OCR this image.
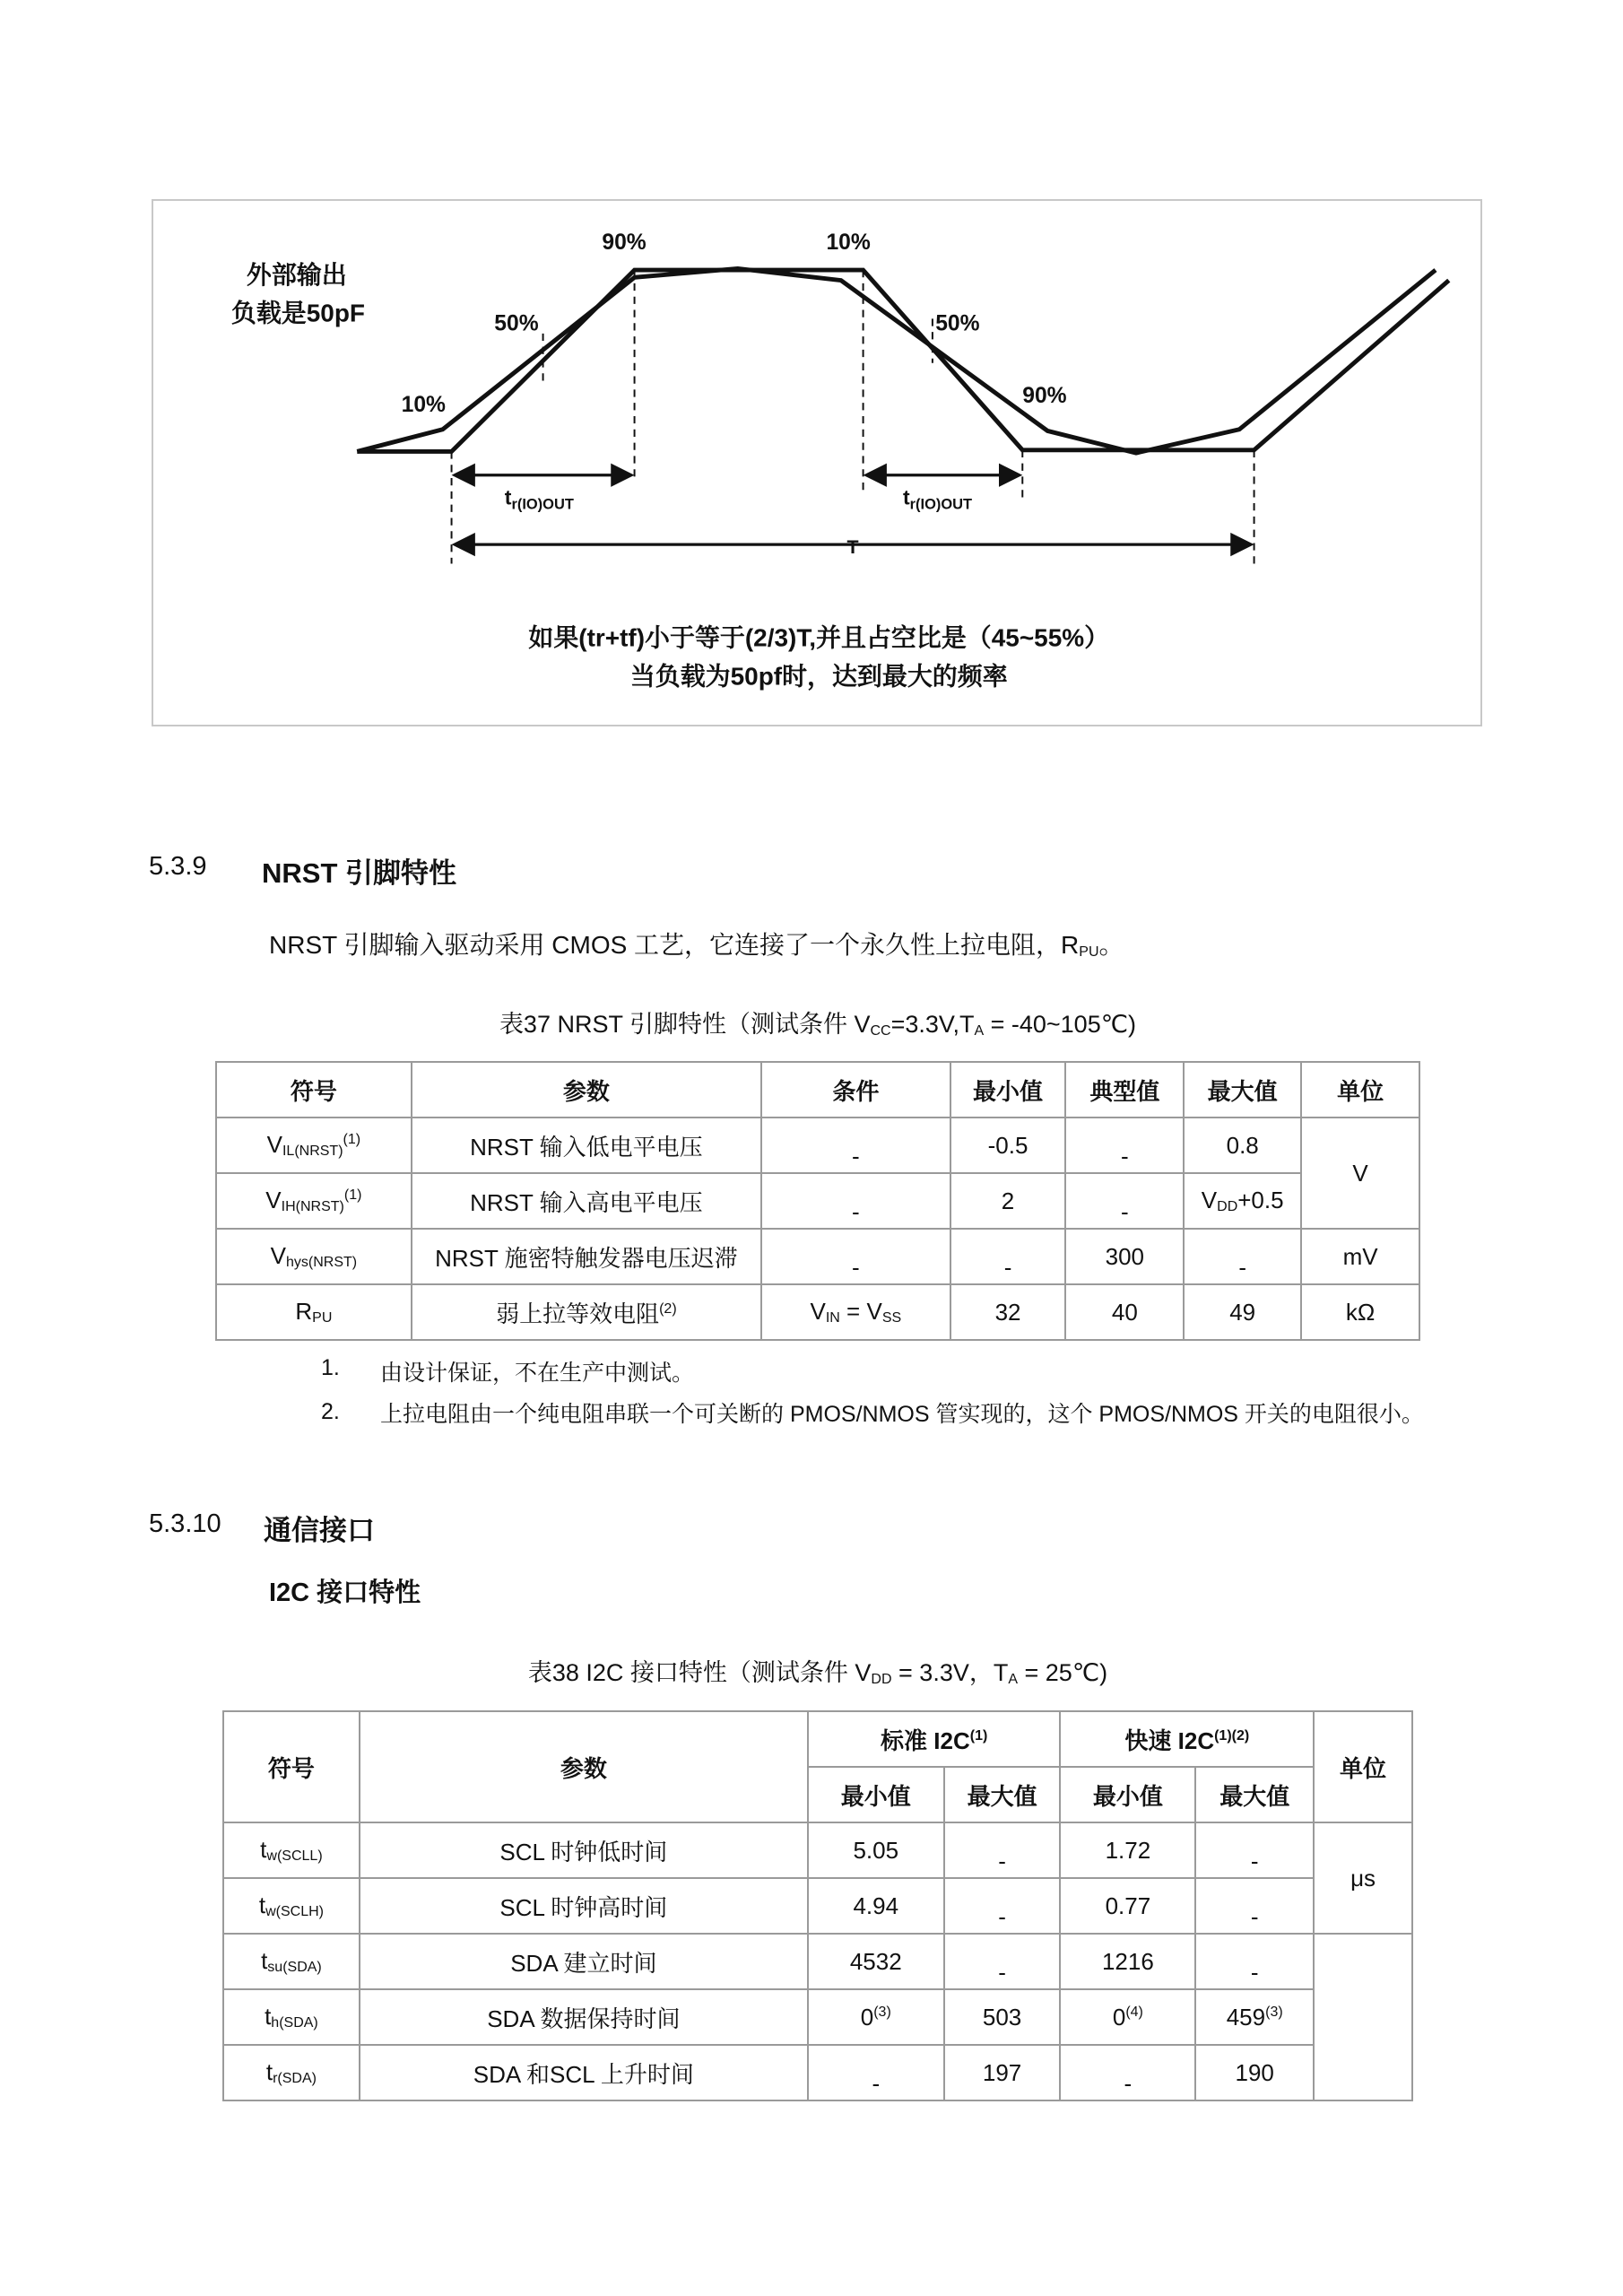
90%	10%
50%
10%
50%
90%
外部输出
负载是50pF
$t_{r(IO)OUT}$	$t_{r(IO)OUT}$
T
如果(tr+tf)小于等于(2/3)T,并且占空比是（45~55%）
当负载为50pf时，达到最大的频率
5.3.9 NRST 引脚特性
NRST 引脚输入驱动采用 CMOS 工艺，它连接了一个永久性上拉电阻，$R_{PU}$。
表37 NRST 引脚特性（测试条件 $V_{CC}=3.3V,T_A$ = -40~105℃)
符号	参数	条件	最小值	典型值	最大值	单位
$V_{IL(NRST)}^{(1)}$	NRST 输入低电平电压	-	-0.5	-	0.8	V
$V_{IH(NRST)}^{(1)}$	NRST 输入高电平电压	-	2	-	$V_{DD}+0.5$	
$V_{hys(NRST)}$	NRST 施密特触发器电压迟滞	-	-	300	-	mV
$R_{PU}$	弱上拉等效电阻$^{(2)}$	$V_{IN} = V_{SS}$	32	40	49	kΩ
1. 由设计保证，不在生产中测试。
2. 上拉电阻由一个纯电阻串联一个可关断的 PMOS/NMOS 管实现的，这个 PMOS/NMOS 开关的电阻很小。
5.3.10 通信接口
I2C 接口特性
表38 I2C 接口特性（测试条件 $V_{DD} = 3.3V$，$T_A$ = 25℃)
符号	参数	标准 $I2C^{(1)}$		快速 $I2C^{(1)(2)}$		单位
		最小值	最大值	最小值	最大值	
$t_{w(SCLL)}$	SCL 时钟低时间	5.05	-	1.72	-	μs
$t_{w(SCLH)}$	SCL 时钟高时间	4.94	-	0.77	-	
$t_{su(SDA)}$	SDA 建立时间	4532	-	1216	-	
$t_{h(SDA)}$	SDA 数据保持时间	0$^{(3)}$	503	0$^{(4)}$	459$^{(3)}$
$t_{r(SDA)}$	SDA 和SCL 上升时间	-	197	-	190	
